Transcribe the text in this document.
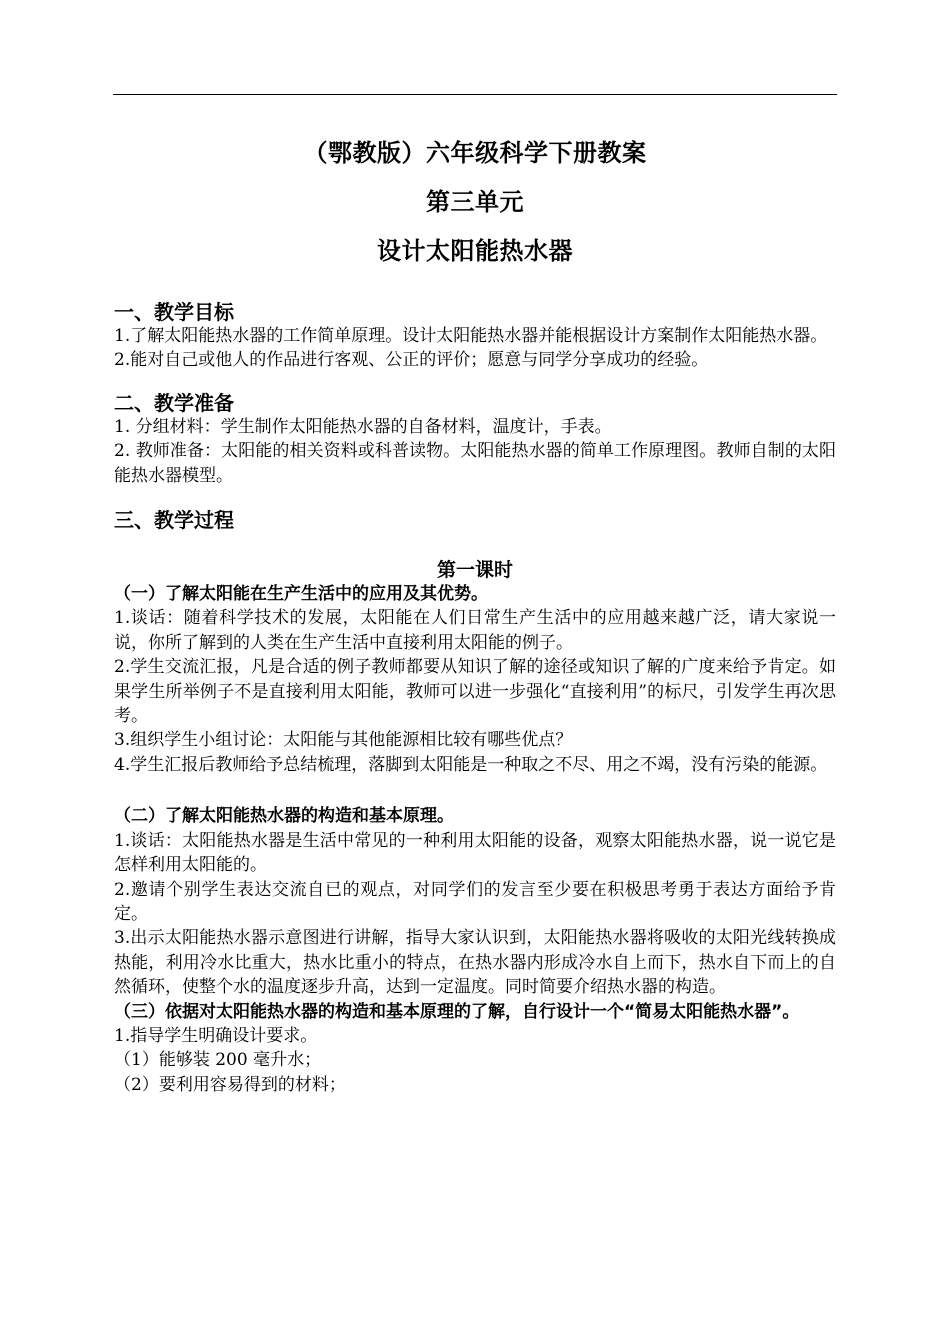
（鄂教版）六年级科学下册教案
第三单元
设计太阳能热水器
一、教学目标

1.了解太阳能热水器的工作简单原理。设计太阳能热水器并能根据设计方案制作太阳能热水器。

2.能对自己或他人的作品进行客观、公正的评价；愿意与同学分享成功的经验。

二、教学准备

1. 分组材料：学生制作太阳能热水器的自备材料，温度计，手表。

2. 教师准备：太阳能的相关资料或科普读物。太阳能热水器的简单工作原理图。教师自制的太阳能热水器模型。

三、教学过程
第一课时

（一）了解太阳能在生产生活中的应用及其优势。

1.谈话：随着科学技术的发展，太阳能在人们日常生产生活中的应用越来越广泛，请大家说一说，你所了解到的人类在生产生活中直接利用太阳能的例子。

2.学生交流汇报，凡是合适的例子教师都要从知识了解的途径或知识了解的广度来给予肯定。如果学生所举例子不是直接利用太阳能，教师可以进一步强化“直接利用”的标尺，引发学生再次思考。

3.组织学生小组讨论：太阳能与其他能源相比较有哪些优点？

4.学生汇报后教师给予总结梳理，落脚到太阳能是一种取之不尽、用之不竭，没有污染的能源。

（二）了解太阳能热水器的构造和基本原理。

1.谈话：太阳能热水器是生活中常见的一种利用太阳能的设备，观察太阳能热水器，说一说它是怎样利用太阳能的。

2.邀请个别学生表达交流自已的观点，对同学们的发言至少要在积极思考勇于表达方面给予肯定。

3.出示太阳能热水器示意图进行讲解，指导大家认识到，太阳能热水器将吸收的太阳光线转换成热能，利用冷水比重大，热水比重小的特点，在热水器内形成冷水自上而下，热水自下而上的自然循环，使整个水的温度逐步升高，达到一定温度。同时简要介绍热水器的构造。

（三）依据对太阳能热水器的构造和基本原理的了解，自行设计一个“简易太阳能热水器”。

1.指导学生明确设计要求。

（1）能够装 200 毫升水；

（2）要利用容易得到的材料；
